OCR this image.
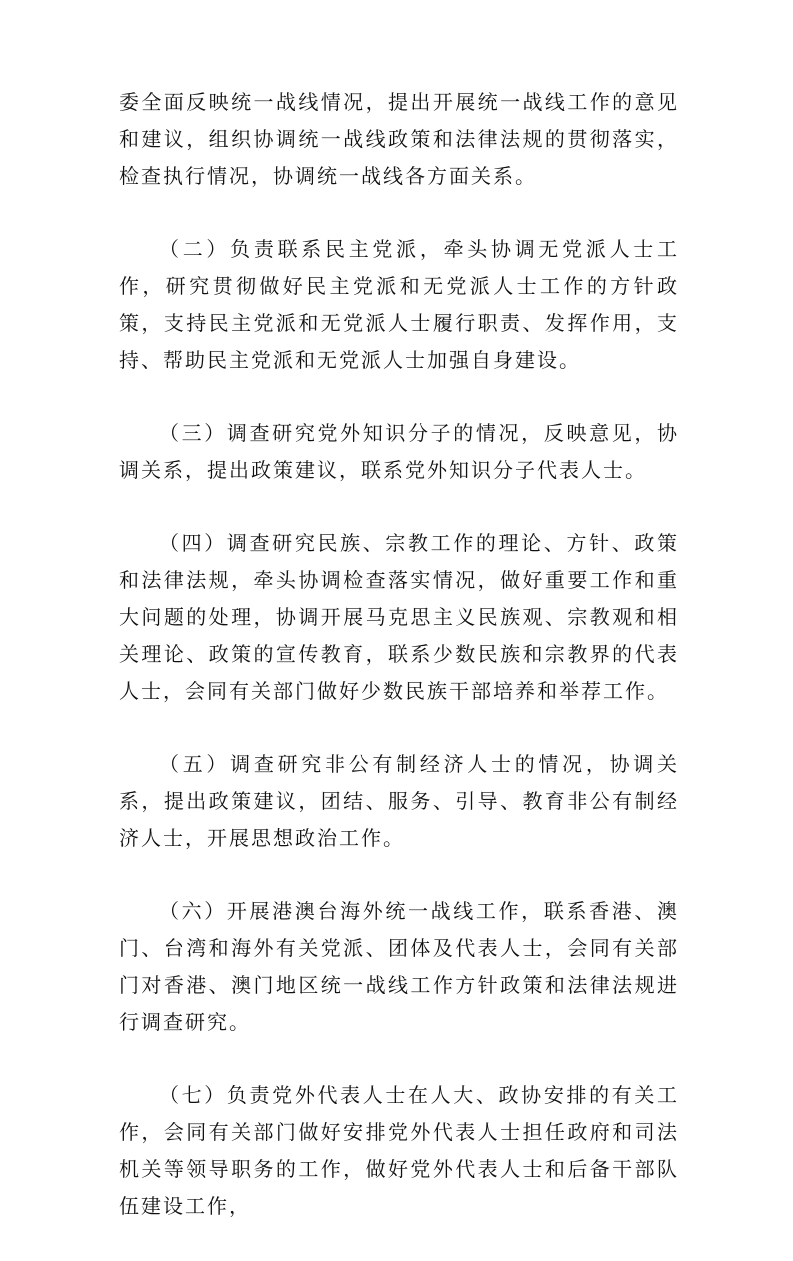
委全面反映统一战线情况，提出开展统一战线工作的意见和建议，组织协调统一战线政策和法律法规的贯彻落实，检查执行情况，协调统一战线各方面关系。

（二）负责联系民主党派，牵头协调无党派人士工作，研究贯彻做好民主党派和无党派人士工作的方针政策，支持民主党派和无党派人士履行职责、发挥作用，支持、帮助民主党派和无党派人士加强自身建设。

（三）调查研究党外知识分子的情况，反映意见，协调关系，提出政策建议，联系党外知识分子代表人士。

（四）调查研究民族、宗教工作的理论、方针、政策和法律法规，牵头协调检查落实情况，做好重要工作和重大问题的处理，协调开展马克思主义民族观、宗教观和相关理论、政策的宣传教育，联系少数民族和宗教界的代表人士，会同有关部门做好少数民族干部培养和举荐工作。

（五）调查研究非公有制经济人士的情况，协调关系，提出政策建议，团结、服务、引导、教育非公有制经济人士，开展思想政治工作。

（六）开展港澳台海外统一战线工作，联系香港、澳门、台湾和海外有关党派、团体及代表人士，会同有关部门对香港、澳门地区统一战线工作方针政策和法律法规进行调查研究。

（七）负责党外代表人士在人大、政协安排的有关工作，会同有关部门做好安排党外代表人士担任政府和司法机关等领导职务的工作，做好党外代表人士和后备干部队伍建设工作，
